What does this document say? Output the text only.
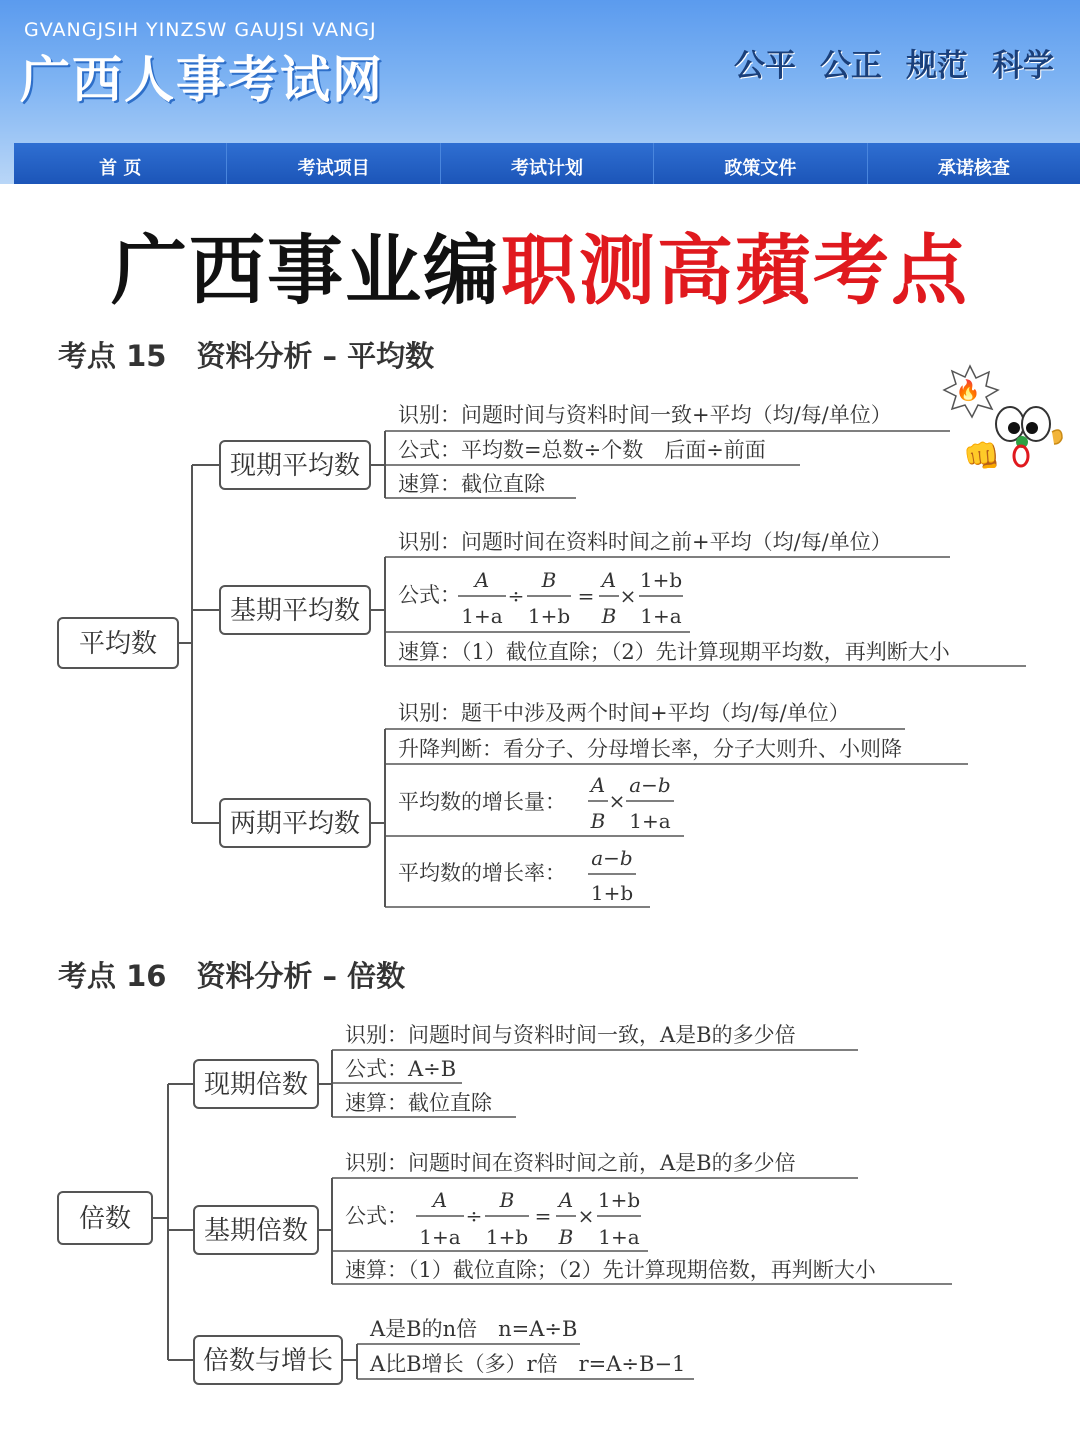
GVANGJSIH YINZSW GAUJSI VANGJ
广西人事考试网	公平 公正 规范 科学
首 页	考试项目	考试计划	政策文件	承诺核查
广西事业编职测高蘋考点
考点 15 资料分析 – 平均数
考点 16 资料分析 – 倍数
平均数
现期平均数
识别：问题时间与资料时间一致+平均（均/每/单位）
公式：平均数=总数÷个数　后面÷前面
速算：截位直除
基期平均数
识别：问题时间在资料时间之前+平均（均/每/单位）
公式：
A
1+a
÷
B
1+b
=
A
B
×
1+b
1+a
速算：（1）截位直除；（2）先计算现期平均数，再判断大小
两期平均数
识别：题干中涉及两个时间+平均（均/每/单位）
升降判断：看分子、分母增长率，分子大则升、小则降
平均数的增长量：
A
B
×
a−b
1+a
平均数的增长率：
a−b
1+b
倍数
现期倍数
识别：问题时间与资料时间一致，A是B的多少倍
公式：A÷B
速算：截位直除
基期倍数
识别：问题时间在资料时间之前，A是B的多少倍
公式：
A
1+a
÷
B
1+b
=
A
B
×
1+b
1+a
速算：（1）截位直除；（2）先计算现期倍数，再判断大小
倍数与增长
A是B的n倍　n=A÷B
A比B增长（多）r倍　r=A÷B−1
🔥
👊
